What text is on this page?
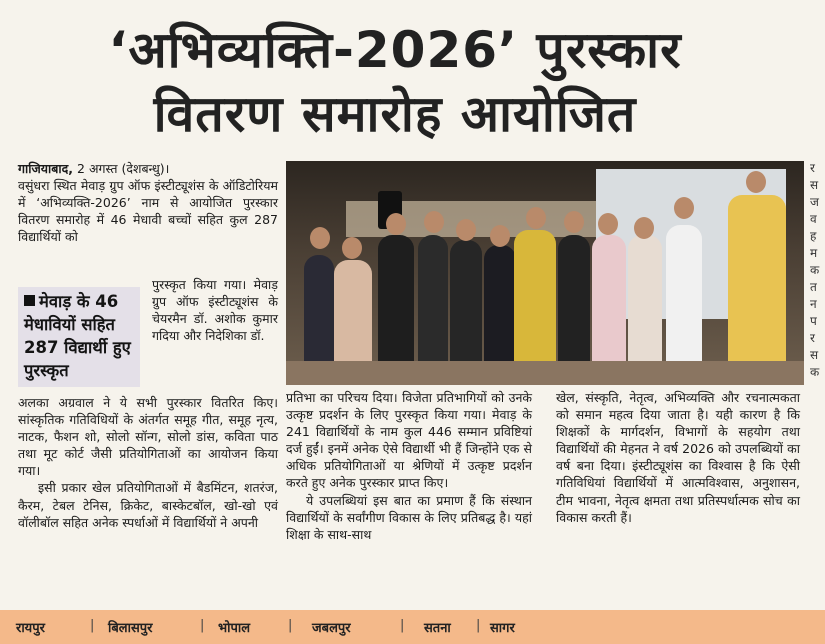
‘अभिव्यक्ति-2026’ पुरस्कार
वितरण समारोह आयोजित

गाजियाबाद, 2 अगस्त (देशबन्धु)।

वसुंधरा स्थित मेवाड़ ग्रुप ऑफ इंस्टीट्यूशंस के ऑडिटोरियम में ‘अभिव्यक्ति-2026’ नाम से आयोजित पुरस्कार वितरण समारोह में 46 मेधावी बच्चों सहित कुल 287 विद्यार्थियों को

मेवाड़ के 46 मेधावियों सहित 287 विद्यार्थी हुए पुरस्कृत

पुरस्कृत किया गया। मेवाड़ ग्रुप ऑफ इंस्टीट्यूशंस के चेयरमैन डॉ. अशोक कुमार गदिया और निदेशिका डॉ.

अलका अग्रवाल ने ये सभी पुरस्कार वितरित किए। सांस्कृतिक गतिविधियों के अंतर्गत समूह गीत, समूह नृत्य, नाटक, फैशन शो, सोलो सॉन्ग, सोलो डांस, कविता पाठ तथा मूट कोर्ट जैसी प्रतियोगिताओं का आयोजन किया गया।

इसी प्रकार खेल प्रतियोगिताओं में बैडमिंटन, शतरंज, कैरम, टेबल टेनिस, क्रिकेट, बास्केटबॉल, खो-खो एवं वॉलीबॉल सहित अनेक स्पर्धाओं में विद्यार्थियों ने अपनी

प्रतिभा का परिचय दिया। विजेता प्रतिभागियों को उनके उत्कृष्ट प्रदर्शन के लिए पुरस्कृत किया गया। मेवाड़ के 241 विद्यार्थियों के नाम कुल 446 सम्मान प्रविष्टियां दर्ज हुईं। इनमें अनेक ऐसे विद्यार्थी भी हैं जिन्होंने एक से अधिक प्रतियोगिताओं या श्रेणियों में उत्कृष्ट प्रदर्शन करते हुए अनेक पुरस्कार प्राप्त किए।

ये उपलब्धियां इस बात का प्रमाण हैं कि संस्थान विद्यार्थियों के सर्वांगीण विकास के लिए प्रतिबद्ध है। यहां शिक्षा के साथ-साथ

खेल, संस्कृति, नेतृत्व, अभिव्यक्ति और रचनात्मकता को समान महत्व दिया जाता है। यही कारण है कि शिक्षकों के मार्गदर्शन, विभागों के सहयोग तथा विद्यार्थियों की मेहनत ने वर्ष 2026 को उपलब्धियों का वर्ष बना दिया। इंस्टीट्यूशंस का विश्वास है कि ऐसी गतिविधियां विद्यार्थियों में आत्मविश्वास, अनुशासन, टीम भावना, नेतृत्व क्षमता तथा प्रतिस्पर्धात्मक सोच का विकास करती हैं।

र स ज व ह म क त न प र स क
रायपुर	| बिलासपुर	| भोपाल	| जबलपुर	| सतना | सागर
